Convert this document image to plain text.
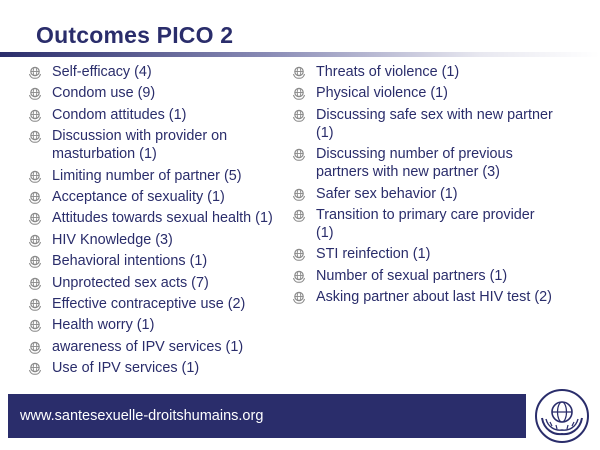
Outcomes PICO 2
Self-efficacy (4)
Condom use (9)
Condom attitudes (1)
Discussion with provider on masturbation (1)
Limiting number of partner (5)
Acceptance of sexuality (1)
Attitudes towards sexual health (1)
HIV Knowledge (3)
Behavioral intentions (1)
Unprotected sex acts (7)
Effective contraceptive use (2)
Health worry (1)
awareness of IPV services (1)
Use of IPV services (1)
Threats of violence (1)
Physical violence (1)
Discussing safe sex with new partner (1)
Discussing number of previous partners with new partner (3)
Safer sex behavior (1)
Transition to primary care provider (1)
STI reinfection (1)
Number of sexual partners (1)
Asking partner about last HIV test (2)
www.santesexuelle-droitshumains.org
